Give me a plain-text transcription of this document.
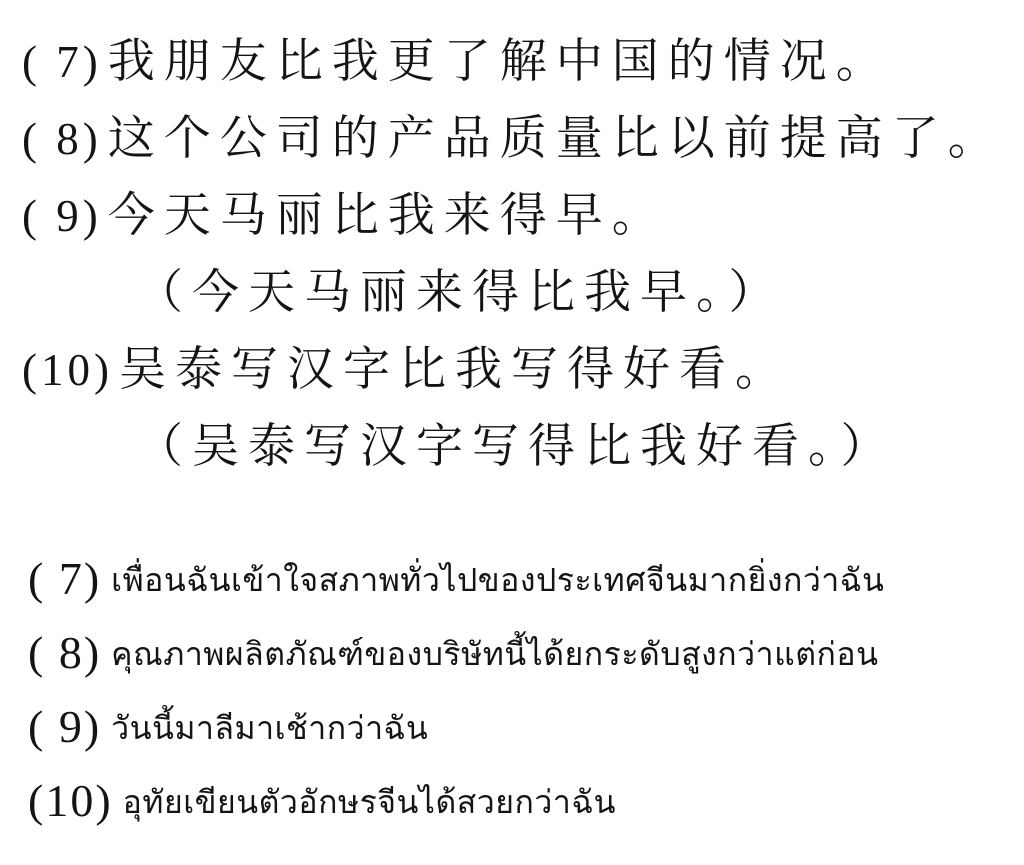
( 7) 我朋友比我更了解中国的情况。
( 8) 这个公司的产品质量比以前提高了。
( 9) 今天马丽比我来得早。
（今天马丽来得比我早。）
(10) 吴泰写汉字比我写得好看。
（吴泰写汉字写得比我好看。）
( 7) เพื่อนฉันเข้าใจสภาพทั่วไปของประเทศจีนมากยิ่งกว่าฉัน
( 8) คุณภาพผลิตภัณฑ์ของบริษัทนี้ได้ยกระดับสูงกว่าแต่ก่อน
( 9) วันนี้มาลีมาเช้ากว่าฉัน
(10) อุทัยเขียนตัวอักษรจีนได้สวยกว่าฉัน
